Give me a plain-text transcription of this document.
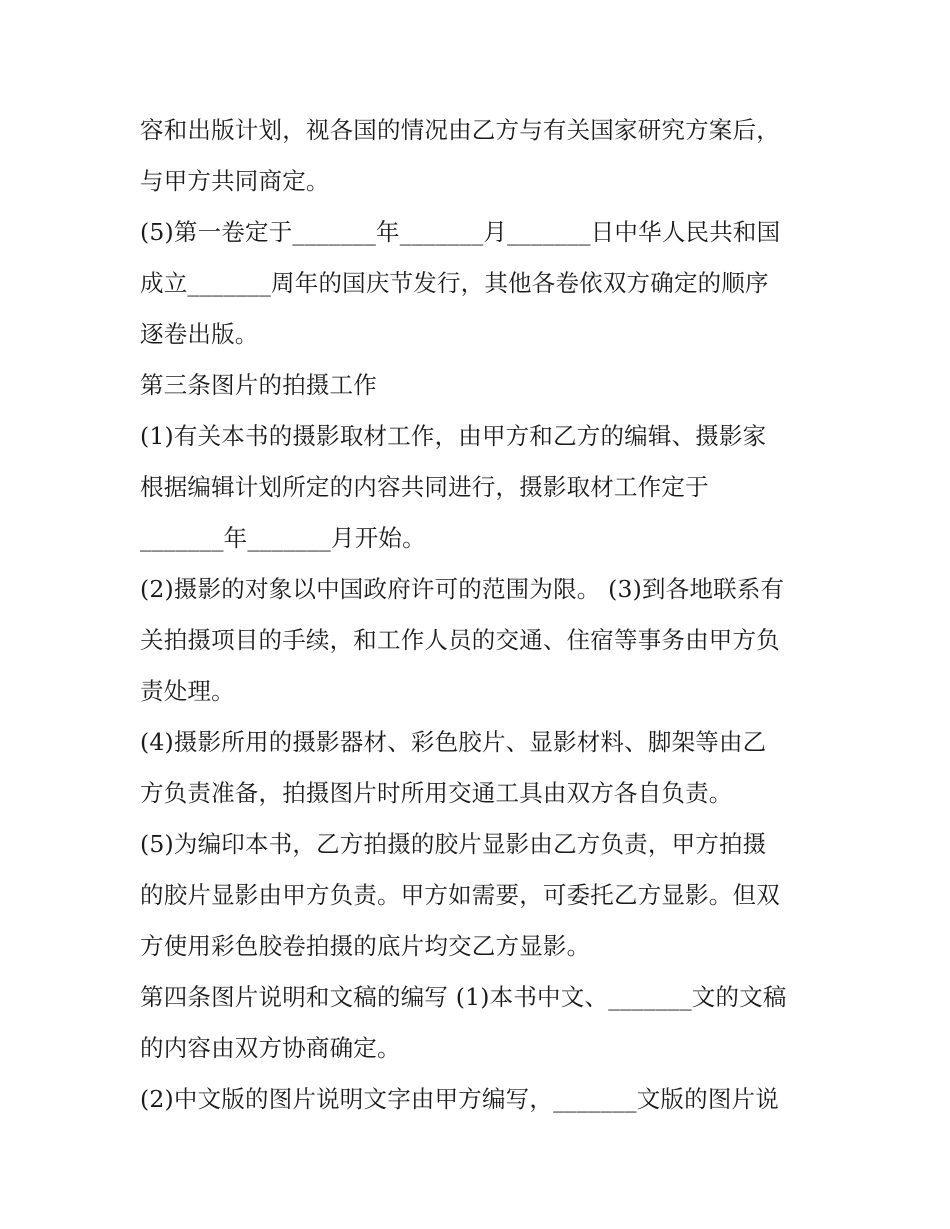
容和出版计划，视各国的情况由乙方与有关国家研究方案后，
与甲方共同商定。
(5)第一卷定于_______年_______月_______日中华人民共和国
成立_______周年的国庆节发行，其他各卷依双方确定的顺序
逐卷出版。
第三条图片的拍摄工作
(1)有关本书的摄影取材工作，由甲方和乙方的编辑、摄影家
根据编辑计划所定的内容共同进行，摄影取材工作定于
_______年_______月开始。
(2)摄影的对象以中国政府许可的范围为限。 (3)到各地联系有
关拍摄项目的手续，和工作人员的交通、住宿等事务由甲方负
责处理。
(4)摄影所用的摄影器材、彩色胶片、显影材料、脚架等由乙
方负责准备，拍摄图片时所用交通工具由双方各自负责。
(5)为编印本书，乙方拍摄的胶片显影由乙方负责，甲方拍摄
的胶片显影由甲方负责。甲方如需要，可委托乙方显影。但双
方使用彩色胶卷拍摄的底片均交乙方显影。
第四条图片说明和文稿的编写 (1)本书中文、_______文的文稿
的内容由双方协商确定。
(2)中文版的图片说明文字由甲方编写，_______文版的图片说
